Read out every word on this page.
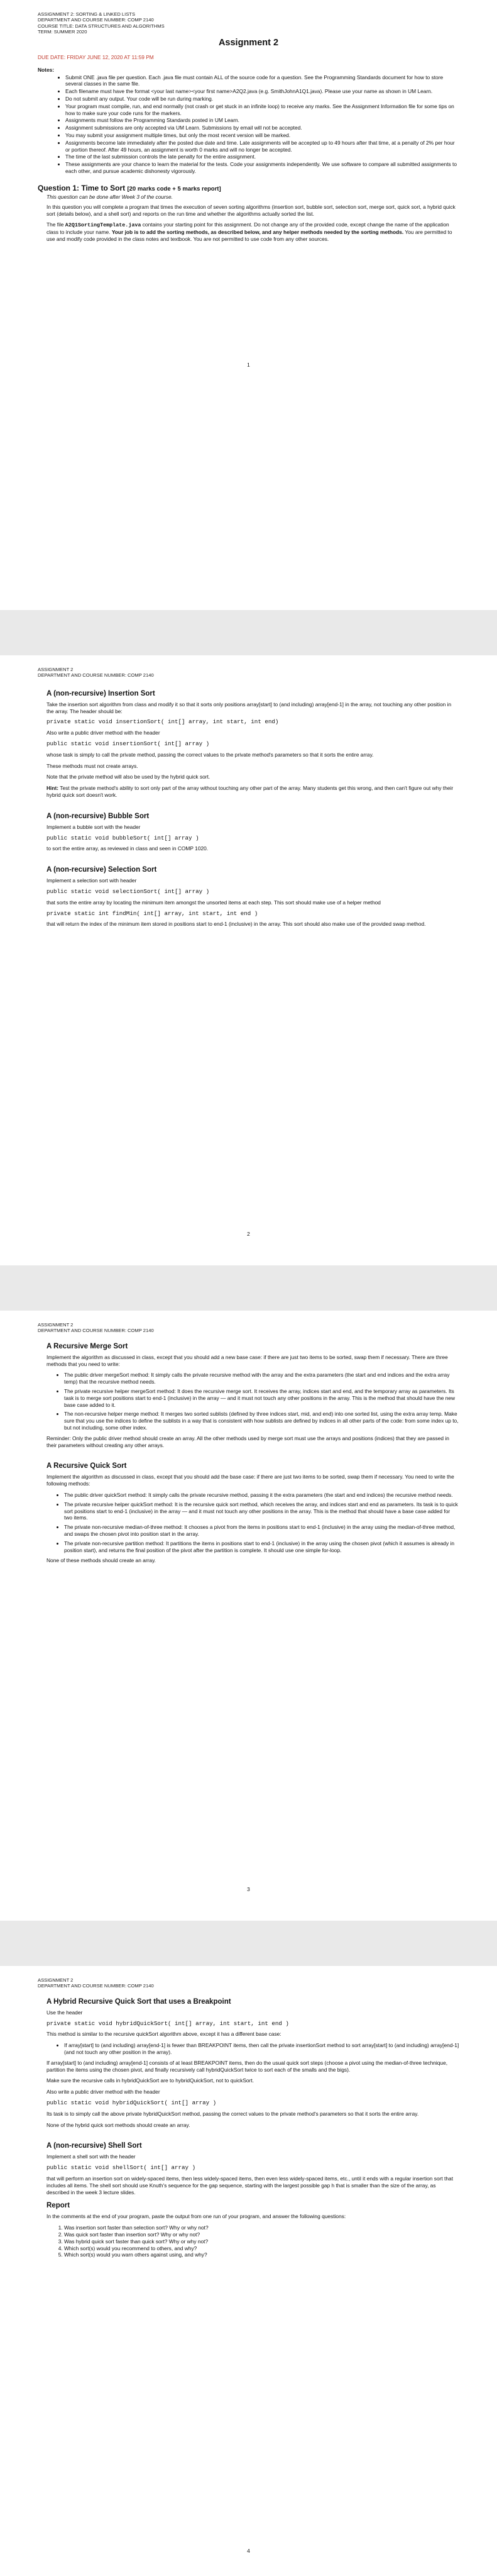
ASSIGNMENT 2: SORTING & LINKED LISTS
DEPARTMENT AND COURSE NUMBER: COMP 2140
COURSE TITLE: DATA STRUCTURES AND ALGORITHMS
TERM: SUMMER 2020
Assignment 2
DUE DATE: FRIDAY JUNE 12, 2020 AT 11:59 PM
Notes:
• Submit ONE .java file per question. Each .java file must contain ALL of the source code for a question. See the Programming Standards document for how to store several classes in the same file.
• Each filename must have the format <your last name><your first name>A2Q2.java (e.g. SmithJohnA1Q1.java). Please use your name as shown in UM Learn.
• Do not submit any output. Your code will be run during marking.
• Your program must compile, run, and end normally (not crash or get stuck in an infinite loop) to receive any marks. See the Assignment Information file for some tips on how to make sure your code runs for the markers.
• Assignments must follow the Programming Standards posted in UM Learn.
• Assignment submissions are only accepted via UM Learn. Submissions by email will not be accepted.
• You may submit your assignment multiple times, but only the most recent version will be marked.
• Assignments become late immediately after the posted due date and time. Late assignments will be accepted up to 49 hours after that time, at a penalty of 2% per hour or portion thereof. After 49 hours, an assignment is worth 0 marks and will no longer be accepted.
• The time of the last submission controls the late penalty for the entire assignment.
• These assignments are your chance to learn the material for the tests. Code your assignments independently. We use software to compare all submitted assignments to each other, and pursue academic dishonesty vigorously.
Question 1: Time to Sort [20 marks code + 5 marks report]
This question can be done after Week 3 of the course.

In this question you will complete a program that times the execution of seven sorting algorithms (insertion sort, bubble sort, selection sort, merge sort, quick sort, a hybrid quick sort (details below), and a shell sort) and reports on the run time and whether the algorithms actually sorted the list.

The file A2Q1SortingTemplate.java contains your starting point for this assignment. Do not change any of the provided code, except change the name of the application class to include your name. Your job is to add the sorting methods, as described below, and any helper methods needed by the sorting methods. You are permitted to use and modify code provided in the class notes and textbook. You are not permitted to use code from any other sources.

1
ASSIGNMENT 2
DEPARTMENT AND COURSE NUMBER: COMP 2140
A (non-recursive) Insertion Sort

Take the insertion sort algorithm from class and modify it so that it sorts only positions array[start] to (and including) array[end-1] in the array, not touching any other position in the array. The header should be:

private static void insertionSort( int[] array, int start, int end)

Also write a public driver method with the header

public static void insertionSort( int[] array )

whose task is simply to call the private method, passing the correct values to the private method's parameters so that it sorts the entire array.

These methods must not create arrays.

Note that the private method will also be used by the hybrid quick sort.

Hint: Test the private method's ability to sort only part of the array without touching any other part of the array. Many students get this wrong, and then can't figure out why their hybrid quick sort doesn't work.

A (non-recursive) Bubble Sort

Implement a bubble sort with the header

public static void bubbleSort( int[] array )

to sort the entire array, as reviewed in class and seen in COMP 1020.

A (non-recursive) Selection Sort

Implement a selection sort with header

public static void selectionSort( int[] array )

that sorts the entire array by locating the minimum item amongst the unsorted items at each step. This sort should make use of a helper method

private static int findMin( int[] array, int start, int end )

that will return the index of the minimum item stored in positions start to end-1 (inclusive) in the array. This sort should also make use of the provided swap method.

2
ASSIGNMENT 2
DEPARTMENT AND COURSE NUMBER: COMP 2140
A Recursive Merge Sort

Implement the algorithm as discussed in class, except that you should add a new base case: if there are just two items to be sorted, swap them if necessary. There are three methods that you need to write:

• The public driver mergeSort method: It simply calls the private recursive method with the array and the extra parameters (the start and end indices and the extra array temp) that the recursive method needs.
• The private recursive helper mergeSort method: It does the recursive merge sort. It receives the array, indices start and end, and the temporary array as parameters. Its task is to merge sort positions start to end-1 (inclusive) in the array — and it must not touch any other positions in the array. This is the method that should have the new base case added to it.
• The non-recursive helper merge method: It merges two sorted sublists (defined by three indices start, mid, and end) into one sorted list, using the extra array temp. Make sure that you use the indices to define the sublists in a way that is consistent with how sublists are defined by indices in all other parts of the code: from some index up to, but not including, some other index.

Reminder: Only the public driver method should create an array. All the other methods used by merge sort must use the arrays and positions (indices) that they are passed in their parameters without creating any other arrays.

A Recursive Quick Sort

Implement the algorithm as discussed in class, except that you should add the base case: if there are just two items to be sorted, swap them if necessary. You need to write the following methods:

• The public driver quickSort method: It simply calls the private recursive method, passing it the extra parameters (the start and end indices) the recursive method needs.
• The private recursive helper quickSort method: It is the recursive quick sort method, which receives the array, and indices start and end as parameters. Its task is to quick sort positions start to end-1 (inclusive) in the array — and it must not touch any other positions in the array. This is the method that should have a base case added for two items.
• The private non-recursive median-of-three method: It chooses a pivot from the items in positions start to end-1 (inclusive) in the array using the median-of-three method, and swaps the chosen pivot into position start in the array.
• The private non-recursive partition method: It partitions the items in positions start to end-1 (inclusive) in the array using the chosen pivot (which it assumes is already in position start), and returns the final position of the pivot after the partition is complete. It should use one simple for-loop.

None of these methods should create an array.

3
ASSIGNMENT 2
DEPARTMENT AND COURSE NUMBER: COMP 2140
A Hybrid Recursive Quick Sort that uses a Breakpoint

Use the header

private static void hybridQuickSort( int[] array, int start, int end )

This method is similar to the recursive quickSort algorithm above, except it has a different base case:

• If array[start] to (and including) array[end-1] is fewer than BREAKPOINT items, then call the private insertionSort method to sort array[start] to (and including) array[end-1] (and not touch any other position in the array).

If array[start] to (and including) array[end-1] consists of at least BREAKPOINT items, then do the usual quick sort steps (choose a pivot using the median-of-three technique, partition the items using the chosen pivot, and finally recursively call hybridQuickSort twice to sort each of the smalls and the bigs).

Make sure the recursive calls in hybridQuickSort are to hybridQuickSort, not to quickSort.

Also write a public driver method with the header

public static void hybridQuickSort( int[] array )

Its task is to simply call the above private hybridQuickSort method, passing the correct values to the private method's parameters so that it sorts the entire array.

None of the hybrid quick sort methods should create an array.

A (non-recursive) Shell Sort

Implement a shell sort with the header

public static void shellSort( int[] array )

that will perform an insertion sort on widely-spaced items, then less widely-spaced items, then even less widely-spaced items, etc., until it ends with a regular insertion sort that includes all items. The shell sort should use Knuth's sequence for the gap sequence, starting with the largest possible gap h that is smaller than the size of the array, as described in the week 3 lecture slides.

Report

In the comments at the end of your program, paste the output from one run of your program, and answer the following questions:

1. Was insertion sort faster than selection sort? Why or why not?
2. Was quick sort faster than insertion sort? Why or why not?
3. Was hybrid quick sort faster than quick sort? Why or why not?
4. Which sort(s) would you recommend to others, and why?
5. Which sort(s) would you warn others against using, and why?
4
